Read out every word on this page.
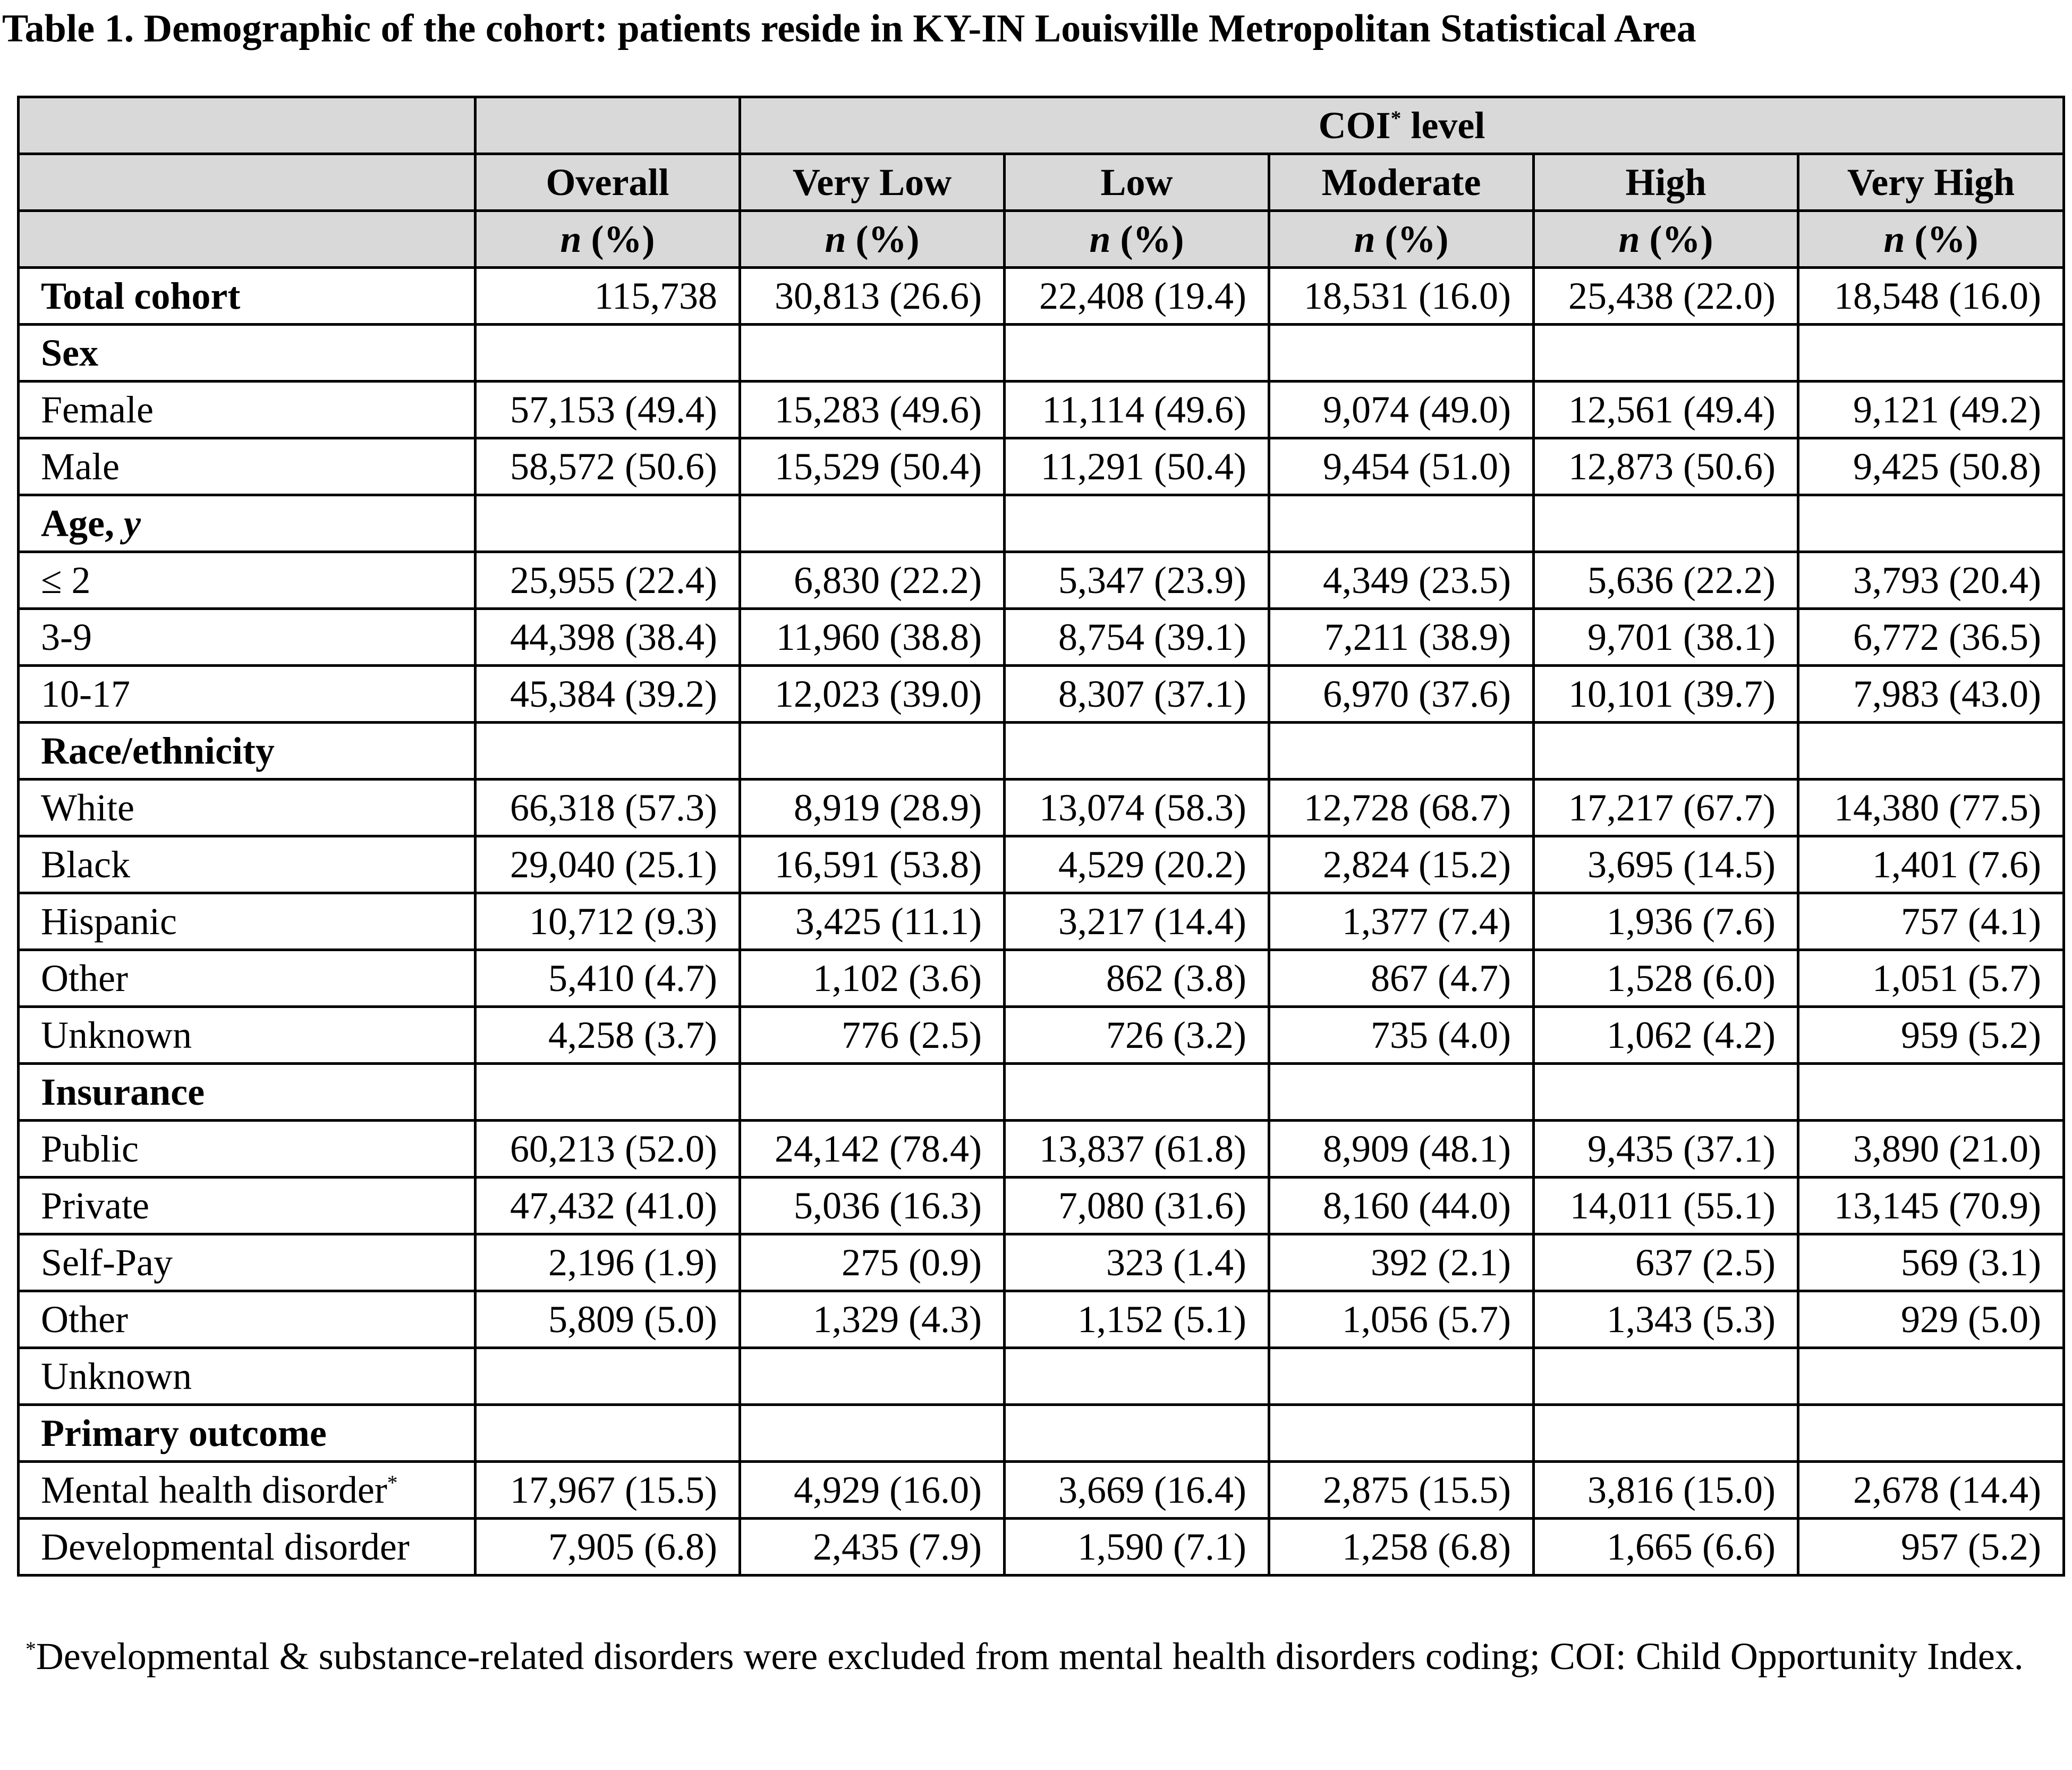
Table 1. Demographic of the cohort: patients reside in KY-IN Louisville Metropolitan Statistical Area
		COI* level				
	Overall	Very Low	Low	Moderate	High	Very High
	n (%)	n (%)	n (%)	n (%)	n (%)	n (%)
Total cohort	115,738	30,813 (26.6)	22,408 (19.4)	18,531 (16.0)	25,438 (22.0)	18,548 (16.0)
Sex						
Female	57,153 (49.4)	15,283 (49.6)	11,114 (49.6)	9,074 (49.0)	12,561 (49.4)	9,121 (49.2)
Male	58,572 (50.6)	15,529 (50.4)	11,291 (50.4)	9,454 (51.0)	12,873 (50.6)	9,425 (50.8)
Age, y						
≤ 2	25,955 (22.4)	6,830 (22.2)	5,347 (23.9)	4,349 (23.5)	5,636 (22.2)	3,793 (20.4)
3-9	44,398 (38.4)	11,960 (38.8)	8,754 (39.1)	7,211 (38.9)	9,701 (38.1)	6,772 (36.5)
10-17	45,384 (39.2)	12,023 (39.0)	8,307 (37.1)	6,970 (37.6)	10,101 (39.7)	7,983 (43.0)
Race/ethnicity						
White	66,318 (57.3)	8,919 (28.9)	13,074 (58.3)	12,728 (68.7)	17,217 (67.7)	14,380 (77.5)
Black	29,040 (25.1)	16,591 (53.8)	4,529 (20.2)	2,824 (15.2)	3,695 (14.5)	1,401 (7.6)
Hispanic	10,712 (9.3)	3,425 (11.1)	3,217 (14.4)	1,377 (7.4)	1,936 (7.6)	757 (4.1)
Other	5,410 (4.7)	1,102 (3.6)	862 (3.8)	867 (4.7)	1,528 (6.0)	1,051 (5.7)
Unknown	4,258 (3.7)	776 (2.5)	726 (3.2)	735 (4.0)	1,062 (4.2)	959 (5.2)
Insurance						
Public	60,213 (52.0)	24,142 (78.4)	13,837 (61.8)	8,909 (48.1)	9,435 (37.1)	3,890 (21.0)
Private	47,432 (41.0)	5,036 (16.3)	7,080 (31.6)	8,160 (44.0)	14,011 (55.1)	13,145 (70.9)
Self-Pay	2,196 (1.9)	275 (0.9)	323 (1.4)	392 (2.1)	637 (2.5)	569 (3.1)
Other	5,809 (5.0)	1,329 (4.3)	1,152 (5.1)	1,056 (5.7)	1,343 (5.3)	929 (5.0)
Unknown						
Primary outcome						
Mental health disorder*	17,967 (15.5)	4,929 (16.0)	3,669 (16.4)	2,875 (15.5)	3,816 (15.0)	2,678 (14.4)
Developmental disorder	7,905 (6.8)	2,435 (7.9)	1,590 (7.1)	1,258 (6.8)	1,665 (6.6)	957 (5.2)
*Developmental & substance-related disorders were excluded from mental health disorders coding; COI: Child Opportunity Index.
